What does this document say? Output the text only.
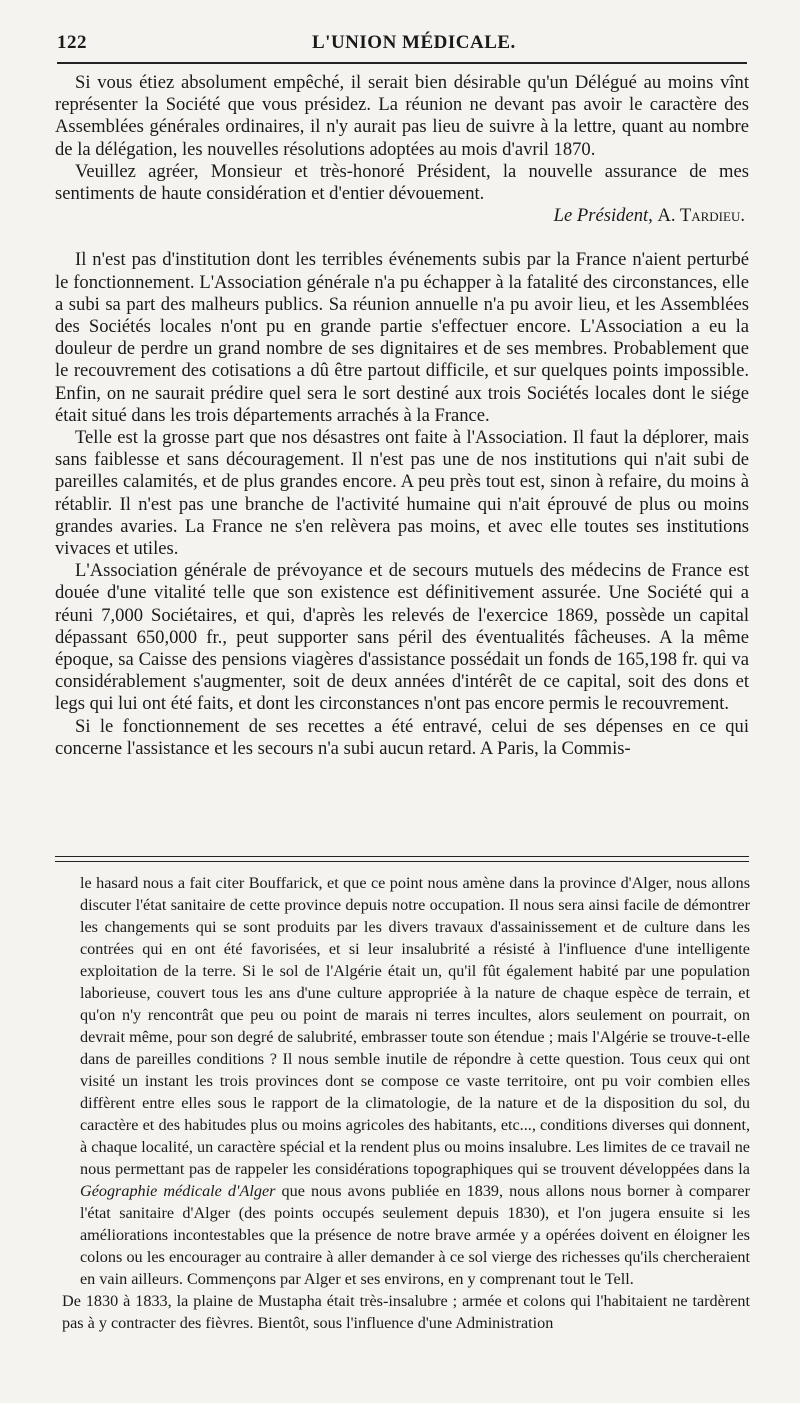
122	L'UNION MÉDICALE.

Si vous étiez absolument empêché, il serait bien désirable qu'un Délégué au moins vînt représenter la Société que vous présidez. La réunion ne devant pas avoir le caractère des Assemblées générales ordinaires, il n'y aurait pas lieu de suivre à la lettre, quant au nombre de la délégation, les nouvelles résolutions adoptées au mois d'avril 1870.

Veuillez agréer, Monsieur et très-honoré Président, la nouvelle assurance de mes sentiments de haute considération et d'entier dévouement.

Le Président, A. Tardieu.

Il n'est pas d'institution dont les terribles événements subis par la France n'aient perturbé le fonctionnement. L'Association générale n'a pu échapper à la fatalité des circonstances, elle a subi sa part des malheurs publics. Sa réunion annuelle n'a pu avoir lieu, et les Assemblées des Sociétés locales n'ont pu en grande partie s'effectuer encore. L'Association a eu la douleur de perdre un grand nombre de ses dignitaires et de ses membres. Probablement que le recouvrement des cotisations a dû être partout difficile, et sur quelques points impossible. Enfin, on ne saurait prédire quel sera le sort destiné aux trois Sociétés locales dont le siége était situé dans les trois départements arrachés à la France.

Telle est la grosse part que nos désastres ont faite à l'Association. Il faut la déplorer, mais sans faiblesse et sans découragement. Il n'est pas une de nos institutions qui n'ait subi de pareilles calamités, et de plus grandes encore. A peu près tout est, sinon à refaire, du moins à rétablir. Il n'est pas une branche de l'activité humaine qui n'ait éprouvé de plus ou moins grandes avaries. La France ne s'en relèvera pas moins, et avec elle toutes ses institutions vivaces et utiles.

L'Association générale de prévoyance et de secours mutuels des médecins de France est douée d'une vitalité telle que son existence est définitivement assurée. Une Société qui a réuni 7,000 Sociétaires, et qui, d'après les relevés de l'exercice 1869, possède un capital dépassant 650,000 fr., peut supporter sans péril des éventualités fâcheuses. A la même époque, sa Caisse des pensions viagères d'assistance possédait un fonds de 165,198 fr. qui va considérablement s'augmenter, soit de deux années d'intérêt de ce capital, soit des dons et legs qui lui ont été faits, et dont les circonstances n'ont pas encore permis le recouvrement.

Si le fonctionnement de ses recettes a été entravé, celui de ses dépenses en ce qui concerne l'assistance et les secours n'a subi aucun retard. A Paris, la Commis-

le hasard nous a fait citer Bouffarick, et que ce point nous amène dans la province d'Alger, nous allons discuter l'état sanitaire de cette province depuis notre occupation. Il nous sera ainsi facile de démontrer les changements qui se sont produits par les divers travaux d'assainissement et de culture dans les contrées qui en ont été favorisées, et si leur insalubrité a résisté à l'influence d'une intelligente exploitation de la terre. Si le sol de l'Algérie était un, qu'il fût également habité par une population laborieuse, couvert tous les ans d'une culture appropriée à la nature de chaque espèce de terrain, et qu'on n'y rencontrât que peu ou point de marais ni terres incultes, alors seulement on pourrait, on devrait même, pour son degré de salubrité, embrasser toute son étendue ; mais l'Algérie se trouve-t-elle dans de pareilles conditions ? Il nous semble inutile de répondre à cette question. Tous ceux qui ont visité un instant les trois provinces dont se compose ce vaste territoire, ont pu voir combien elles diffèrent entre elles sous le rapport de la climatologie, de la nature et de la disposition du sol, du caractère et des habitudes plus ou moins agricoles des habitants, etc..., conditions diverses qui donnent, à chaque localité, un caractère spécial et la rendent plus ou moins insalubre. Les limites de ce travail ne nous permettant pas de rappeler les considérations topographiques qui se trouvent développées dans la Géographie médicale d'Alger que nous avons publiée en 1839, nous allons nous borner à comparer l'état sanitaire d'Alger (des points occupés seulement depuis 1830), et l'on jugera ensuite si les améliorations incontestables que la présence de notre brave armée y a opérées doivent en éloigner les colons ou les encourager au contraire à aller demander à ce sol vierge des richesses qu'ils chercheraient en vain ailleurs. Commençons par Alger et ses environs, en y comprenant tout le Tell.

De 1830 à 1833, la plaine de Mustapha était très-insalubre ; armée et colons qui l'habitaient ne tardèrent pas à y contracter des fièvres. Bientôt, sous l'influence d'une Administration
